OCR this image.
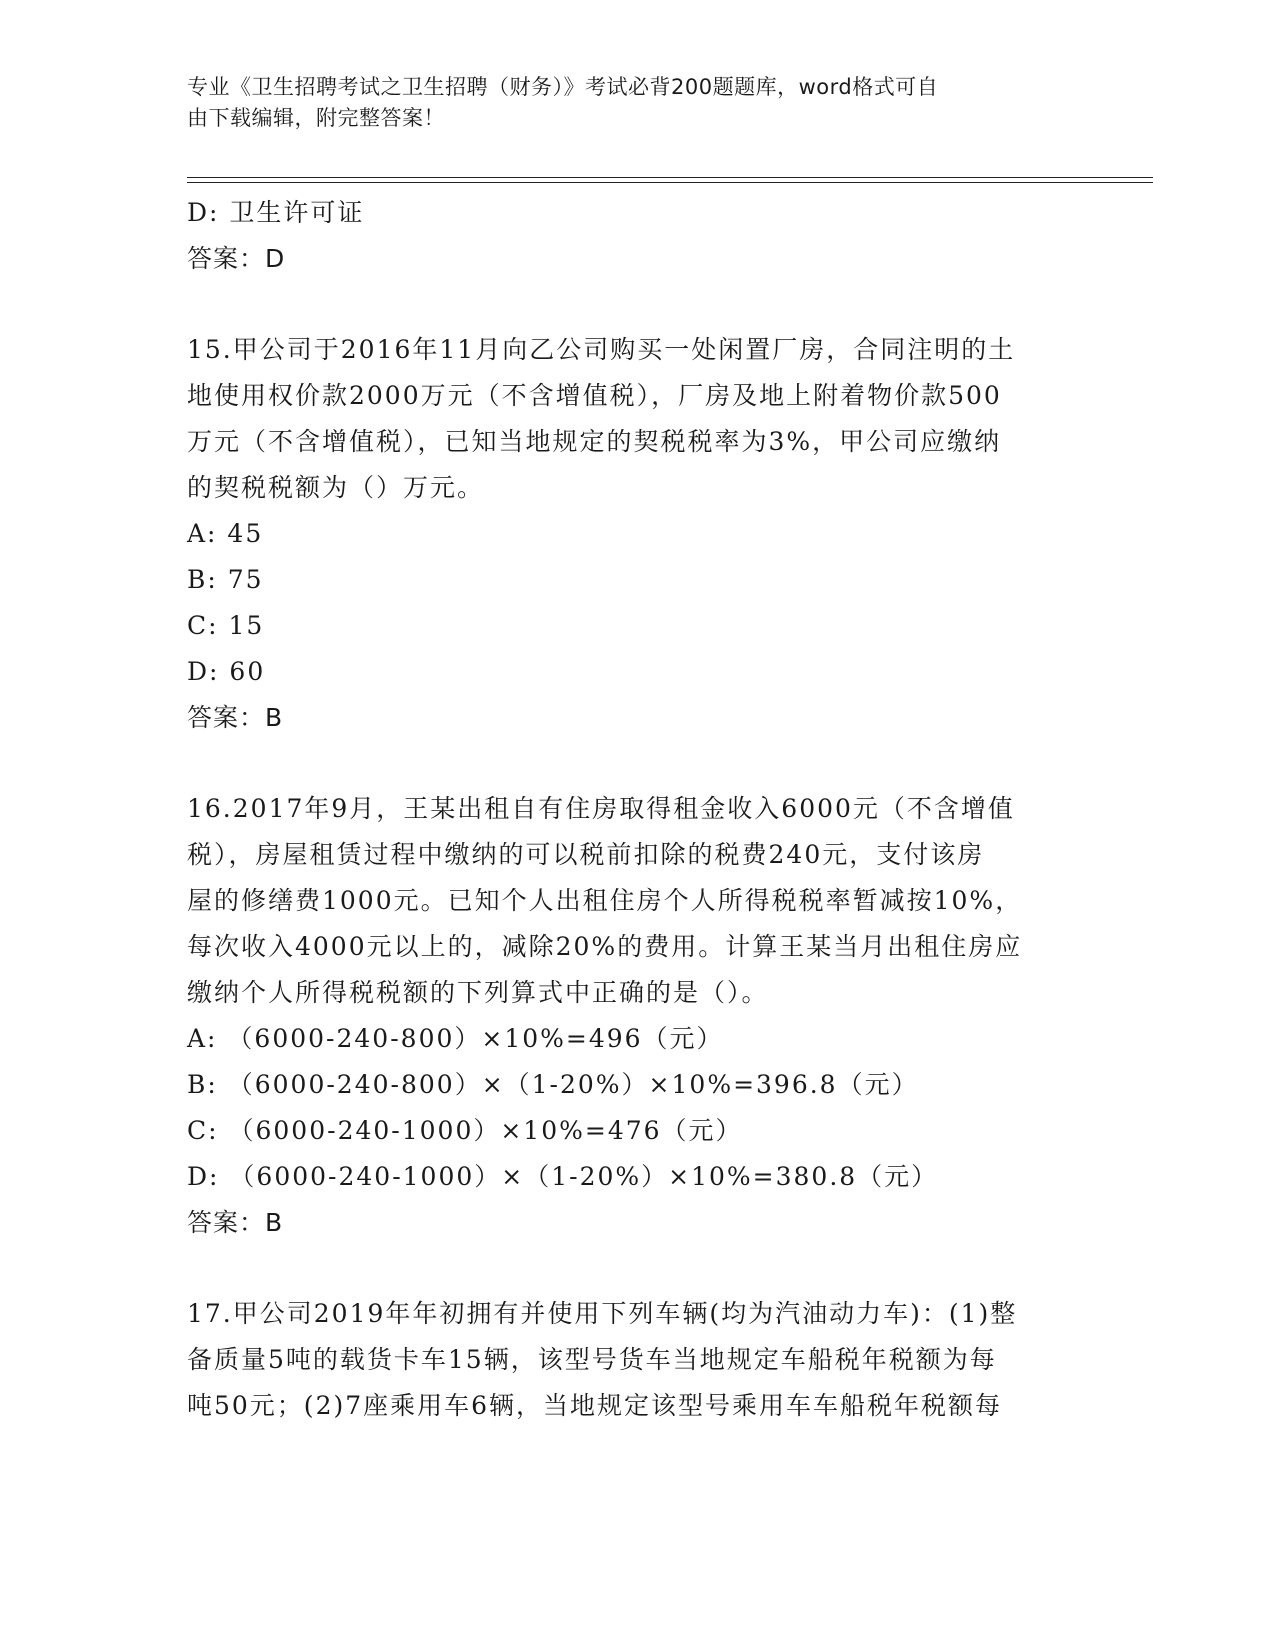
专业《卫生招聘考试之卫生招聘（财务）》考试必背200题题库，word格式可自
由下载编辑，附完整答案！
D: 卫生许可证
答案：D
15.甲公司于2016年11月向乙公司购买一处闲置厂房，合同注明的土
地使用权价款2000万元（不含增值税），厂房及地上附着物价款500
万元（不含增值税），已知当地规定的契税税率为3%，甲公司应缴纳
的契税税额为（）万元。
A: 45
B: 75
C: 15
D: 60
答案：B
16.2017年9月，王某出租自有住房取得租金收入6000元（不含增值
税），房屋租赁过程中缴纳的可以税前扣除的税费240元，支付该房
屋的修缮费1000元。已知个人出租住房个人所得税税率暂减按10%，
每次收入4000元以上的，减除20%的费用。计算王某当月出租住房应
缴纳个人所得税税额的下列算式中正确的是（）。
A: （6000-240-800）×10%=496（元）
B: （6000-240-800）×（1-20%）×10%=396.8（元）
C: （6000-240-1000）×10%=476（元）
D: （6000-240-1000）×（1-20%）×10%=380.8（元）
答案：B
17.甲公司2019年年初拥有并使用下列车辆(均为汽油动力车)：(1)整
备质量5吨的载货卡车15辆，该型号货车当地规定车船税年税额为每
吨50元；(2)7座乘用车6辆，当地规定该型号乘用车车船税年税额每
